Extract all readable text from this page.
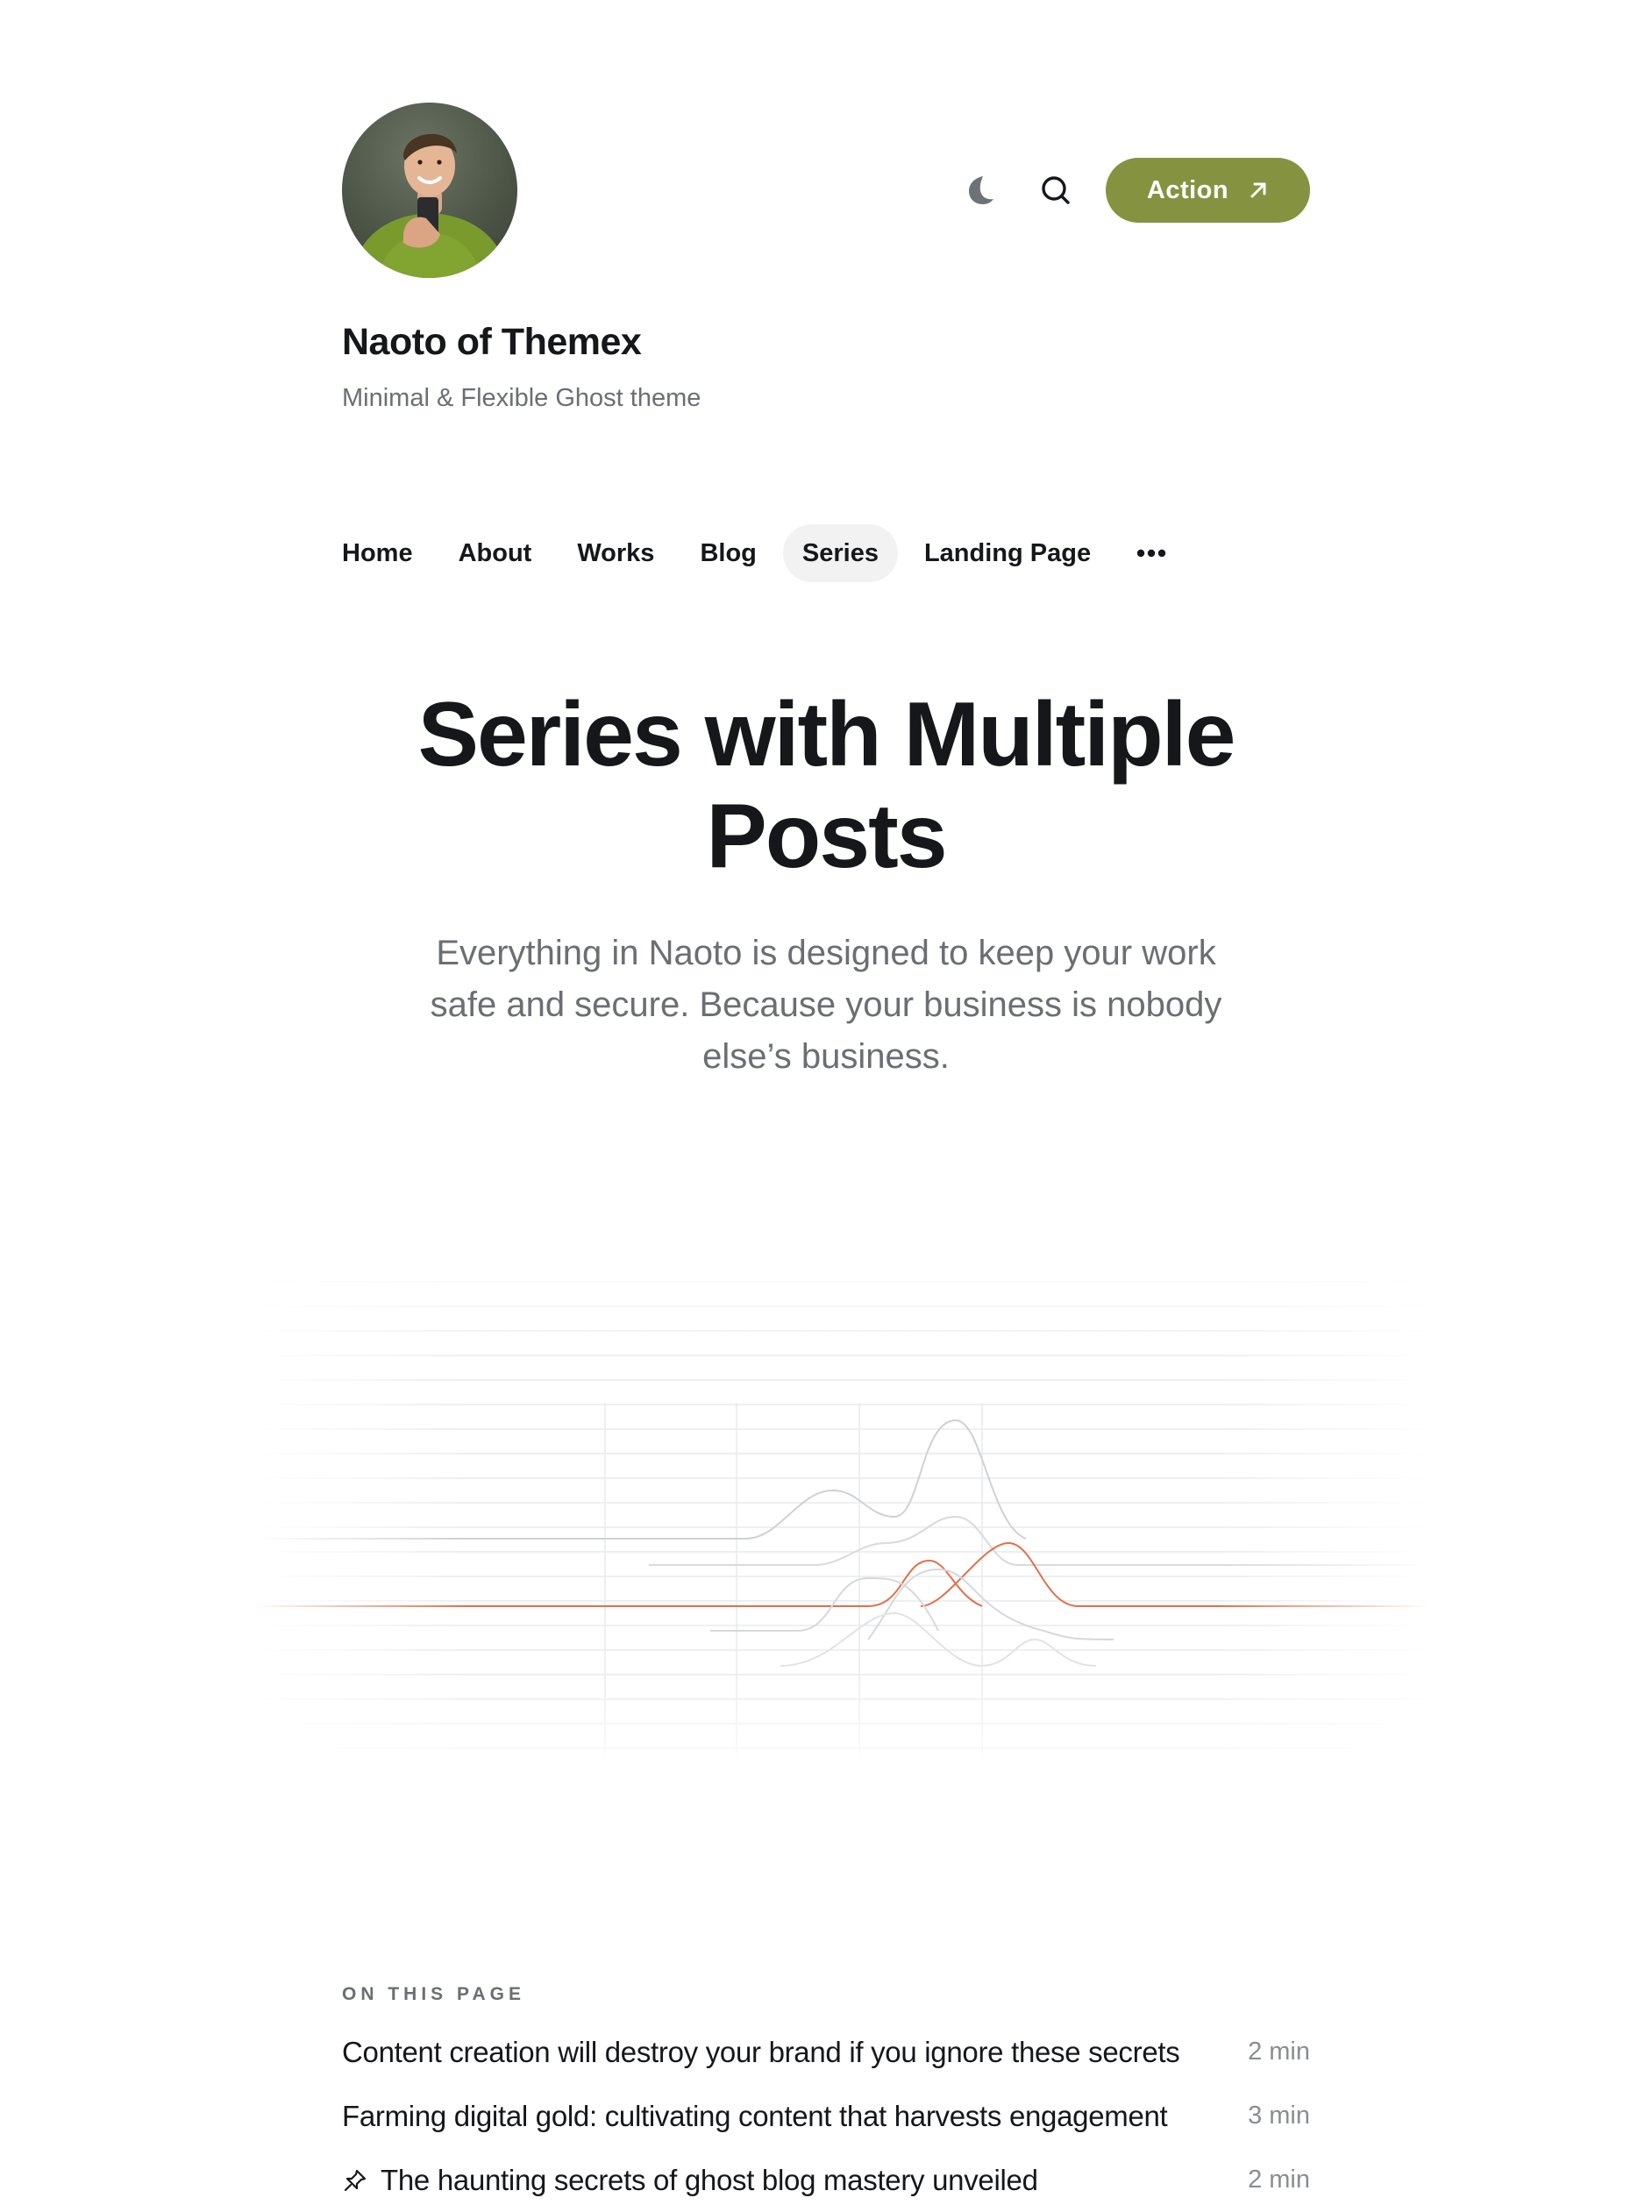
Action
Naoto of Themex

Minimal & Flexible Ghost theme

Home	About	Works	Blog	Series	Landing Page
Series with Multiple Posts

Everything in Naoto is designed to keep your work safe and secure. Because your business is nobody else’s business.

ON THIS PAGE

Content creation will destroy your brand if you ignore these secrets	2 min
Farming digital gold: cultivating content that harvests engagement	3 min
The haunting secrets of ghost blog mastery unveiled	2 min
